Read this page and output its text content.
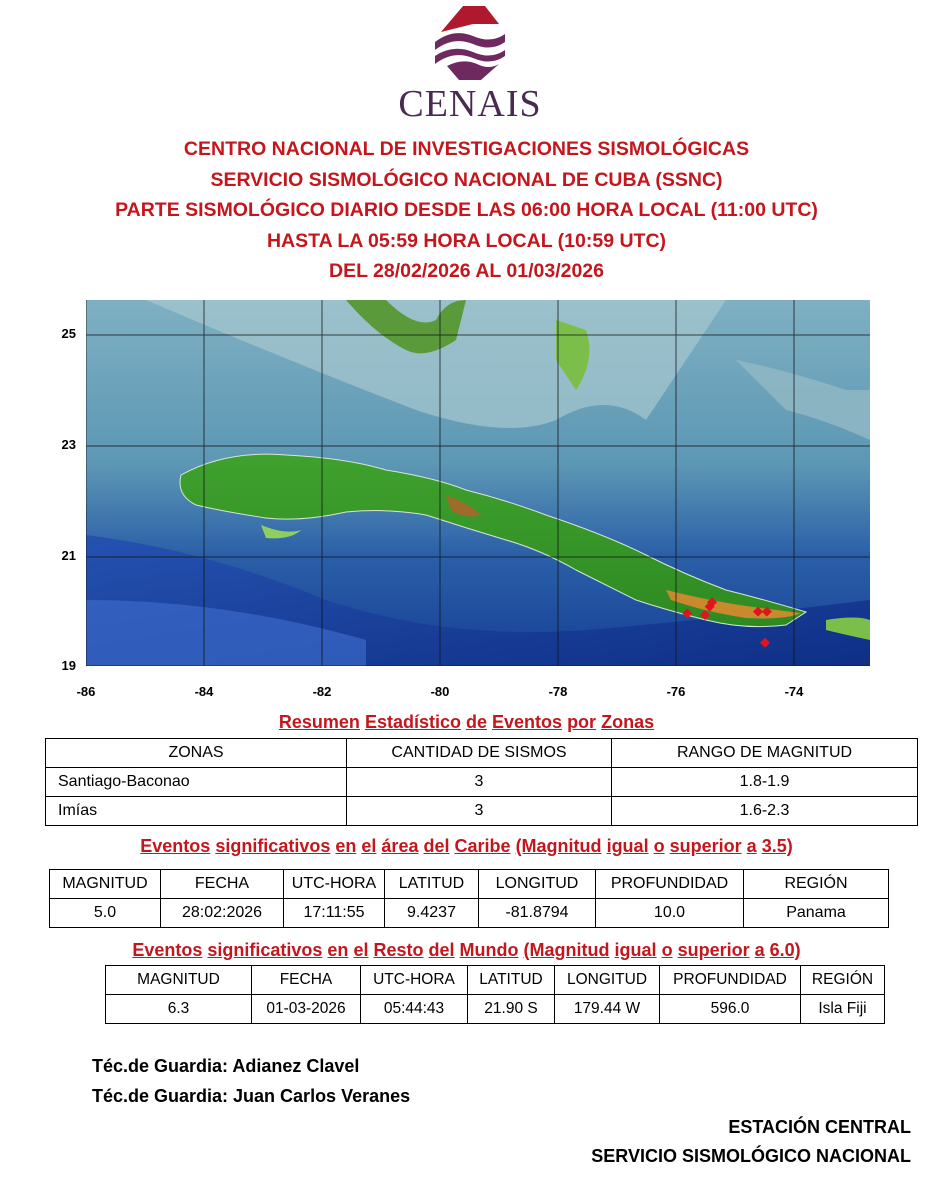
CENAIS
CENTRO NACIONAL DE INVESTIGACIONES SISMOLÓGICAS
SERVICIO SISMOLÓGICO NACIONAL DE CUBA (SSNC)
PARTE SISMOLÓGICO DIARIO DESDE LAS 06:00 HORA LOCAL (11:00 UTC)
HASTA LA 05:59 HORA LOCAL (10:59 UTC)
DEL 28/02/2026 AL 01/03/2026
25
23
21
19
-86	-84	-82	-80	-78	-76	-74
Resumen Estadístico de Eventos por Zonas
ZONAS	CANTIDAD DE SISMOS	RANGO DE MAGNITUD
Santiago-Baconao	3	1.8-1.9
Imías	3	1.6-2.3
Eventos significativos en el área del Caribe (Magnitud igual o superior a 3.5)
MAGNITUD	FECHA	UTC-HORA	LATITUD	LONGITUD	PROFUNDIDAD	REGIÓN
5.0	28:02:2026	17:11:55	9.4237	-81.8794	10.0	Panama
Eventos significativos en el Resto del Mundo (Magnitud igual o superior a 6.0)
MAGNITUD	FECHA	UTC-HORA	LATITUD	LONGITUD	PROFUNDIDAD	REGIÓN
6.3	01-03-2026	05:44:43	21.90 S	179.44 W	596.0	Isla Fiji
Téc.de Guardia: Adianez Clavel
Téc.de Guardia: Juan Carlos Veranes
ESTACIÓN CENTRAL
SERVICIO SISMOLÓGICO NACIONAL
